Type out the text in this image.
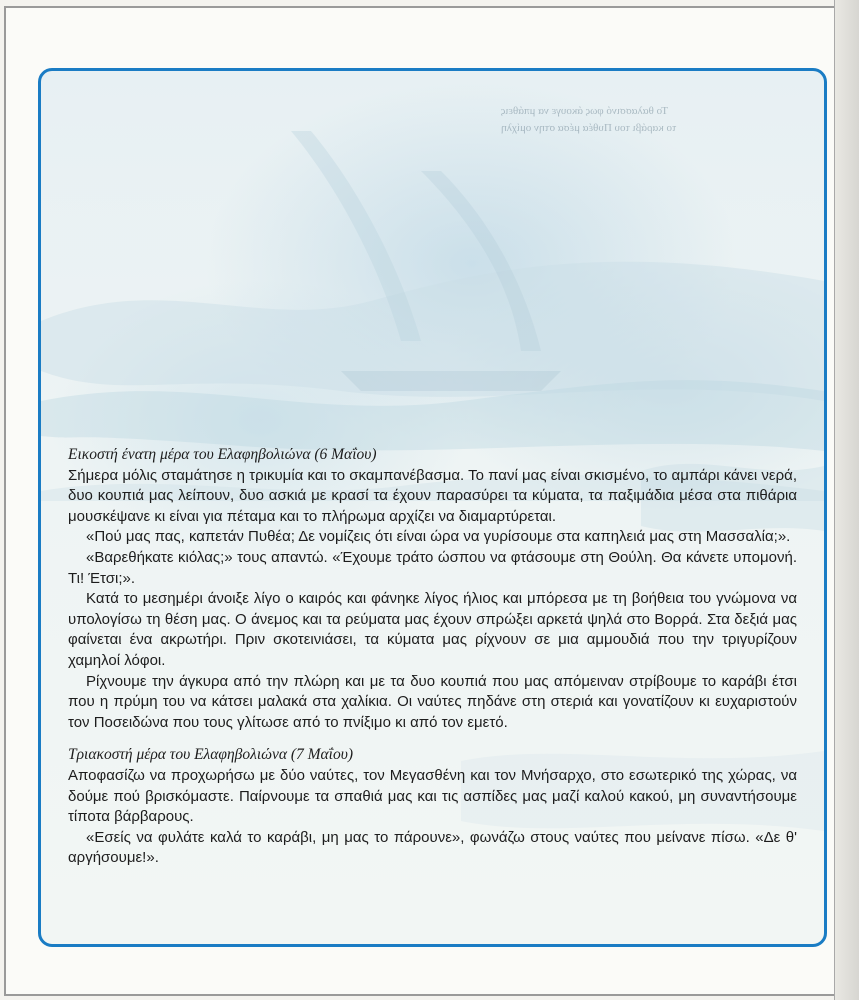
Το θαλασσινό φως άκουγε να μπάθεις
το καράβι του Πυθέα μέσα στην ομίχλη

Εικοστή ένατη μέρα του Ελαφηβολιώνα (6 Μαΐου)

Σήμερα μόλις σταμάτησε η τρικυμία και το σκαμπανέβασμα. Το πανί μας είναι σκισμένο, το αμπάρι κάνει νερά, δυο κουπιά μας λείπουν, δυο ασκιά με κρασί τα έχουν παρασύρει τα κύματα, τα παξιμάδια μέσα στα πιθάρια μουσκέψανε κι είναι για πέταμα και το πλήρωμα αρχίζει να διαμαρτύρεται.

«Πού μας πας, καπετάν Πυθέα; Δε νομίζεις ότι είναι ώρα να γυρίσουμε στα καπηλειά μας στη Μασσαλία;».

«Βαρεθήκατε κιόλας;» τους απαντώ. «Έχουμε τράτο ώσπου να φτάσουμε στη Θούλη. Θα κάνετε υπομονή. Τι! Έτσι;».

Κατά το μεσημέρι άνοιξε λίγο ο καιρός και φάνηκε λίγος ήλιος και μπόρεσα με τη βοήθεια του γνώμονα να υπολογίσω τη θέση μας. Ο άνεμος και τα ρεύματα μας έχουν σπρώξει αρκετά ψηλά στο Βορρά. Στα δεξιά μας φαίνεται ένα ακρωτήρι. Πριν σκοτεινιάσει, τα κύματα μας ρίχνουν σε μια αμμουδιά που την τριγυρίζουν χαμηλοί λόφοι.

Ρίχνουμε την άγκυρα από την πλώρη και με τα δυο κουπιά που μας απόμειναν στρίβουμε το καράβι έτσι που η πρύμη του να κάτσει μαλακά στα χαλίκια. Οι ναύτες πηδάνε στη στεριά και γονατίζουν κι ευχαριστούν τον Ποσειδώνα που τους γλίτωσε από το πνίξιμο κι από τον εμετό.

Τριακοστή μέρα του Ελαφηβολιώνα (7 Μαΐου)

Αποφασίζω να προχωρήσω με δύο ναύτες, τον Μεγασθένη και τον Μνήσαρχο, στο εσωτερικό της χώρας, να δούμε πού βρισκόμαστε. Παίρνουμε τα σπαθιά μας και τις ασπίδες μας μαζί καλού κακού, μη συναντήσουμε τίποτα βάρβαρους.

«Εσείς να φυλάτε καλά το καράβι, μη μας το πάρουνε», φωνάζω στους ναύτες που μείνανε πίσω. «Δε θ' αργήσουμε!».
